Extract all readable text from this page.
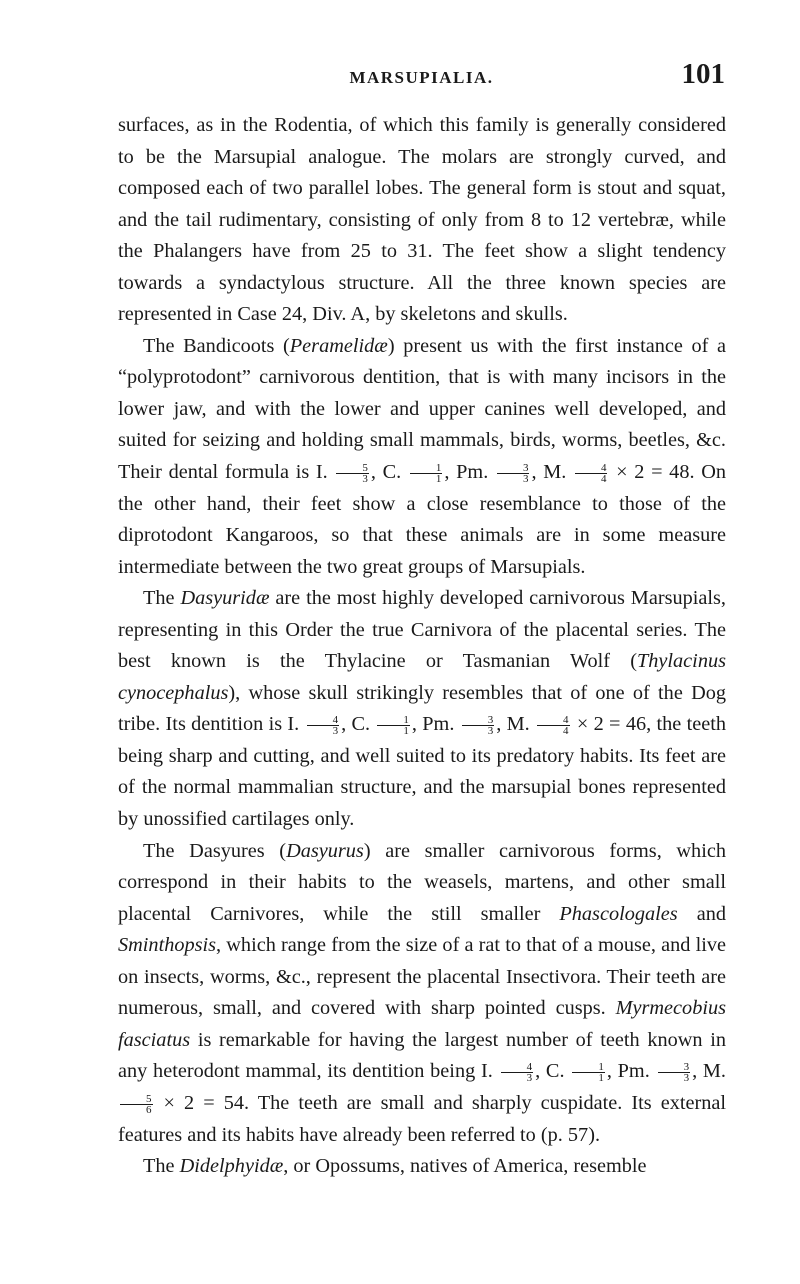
MARSUPIALIA.	101

surfaces, as in the Rodentia, of which this family is generally considered to be the Marsupial analogue. The molars are strongly curved, and composed each of two parallel lobes. The general form is stout and squat, and the tail rudimentary, consisting of only from 8 to 12 vertebræ, while the Phalangers have from 25 to 31. The feet show a slight tendency towards a syndactylous structure. All the three known species are represented in Case 24, Div. A, by skeletons and skulls.

The Bandicoots (Peramelidæ) present us with the first instance of a “polyprotodont” carnivorous dentition, that is with many incisors in the lower jaw, and with the lower and upper canines well developed, and suited for seizing and holding small mammals, birds, worms, beetles, &c. Their dental formula is I. $\frac{5}{3}$ , C. $\frac{1}{1}$ , Pm. $\frac{3}{3}$ , M. $\frac{4}{4} \times 2 = 48$. On the other hand, their feet show a close resemblance to those of the diprotodont Kangaroos, so that these animals are in some measure intermediate between the two great groups of Marsupials.

The Dasyuridæ are the most highly developed carnivorous Marsupials, representing in this Order the true Carnivora of the placental series. The best known is the Thylacine or Tasmanian Wolf (Thylacinus cynocephalus), whose skull strikingly resembles that of one of the Dog tribe. Its dentition is I. $\frac{4}{3}$ , C. $\frac{1}{1}$ , Pm. $\frac{3}{3}$ , M. $\frac{4}{4} \times 2 = 46$, the teeth being sharp and cutting, and well suited to its predatory habits. Its feet are of the normal mammalian structure, and the marsupial bones represented by unossified cartilages only.

The Dasyures (Dasyurus) are smaller carnivorous forms, which correspond in their habits to the weasels, martens, and other small placental Carnivores, while the still smaller Phascologales and Sminthopsis, which range from the size of a rat to that of a mouse, and live on insects, worms, &c., represent the placental Insectivora. Their teeth are numerous, small, and covered with sharp pointed cusps. Myrmecobius fasciatus is remarkable for having the largest number of teeth known in any heterodont mammal, its dentition being I. $\frac{4}{3}$ , C. $\frac{1}{1}$ , Pm. $\frac{3}{3}$ , M.
$\frac{5}{6} \times 2 = 54$. The teeth are small and sharply cuspidate. Its external features and its habits have already been referred to (p. 57).

The Didelphyidæ, or Opossums, natives of America, resemble
